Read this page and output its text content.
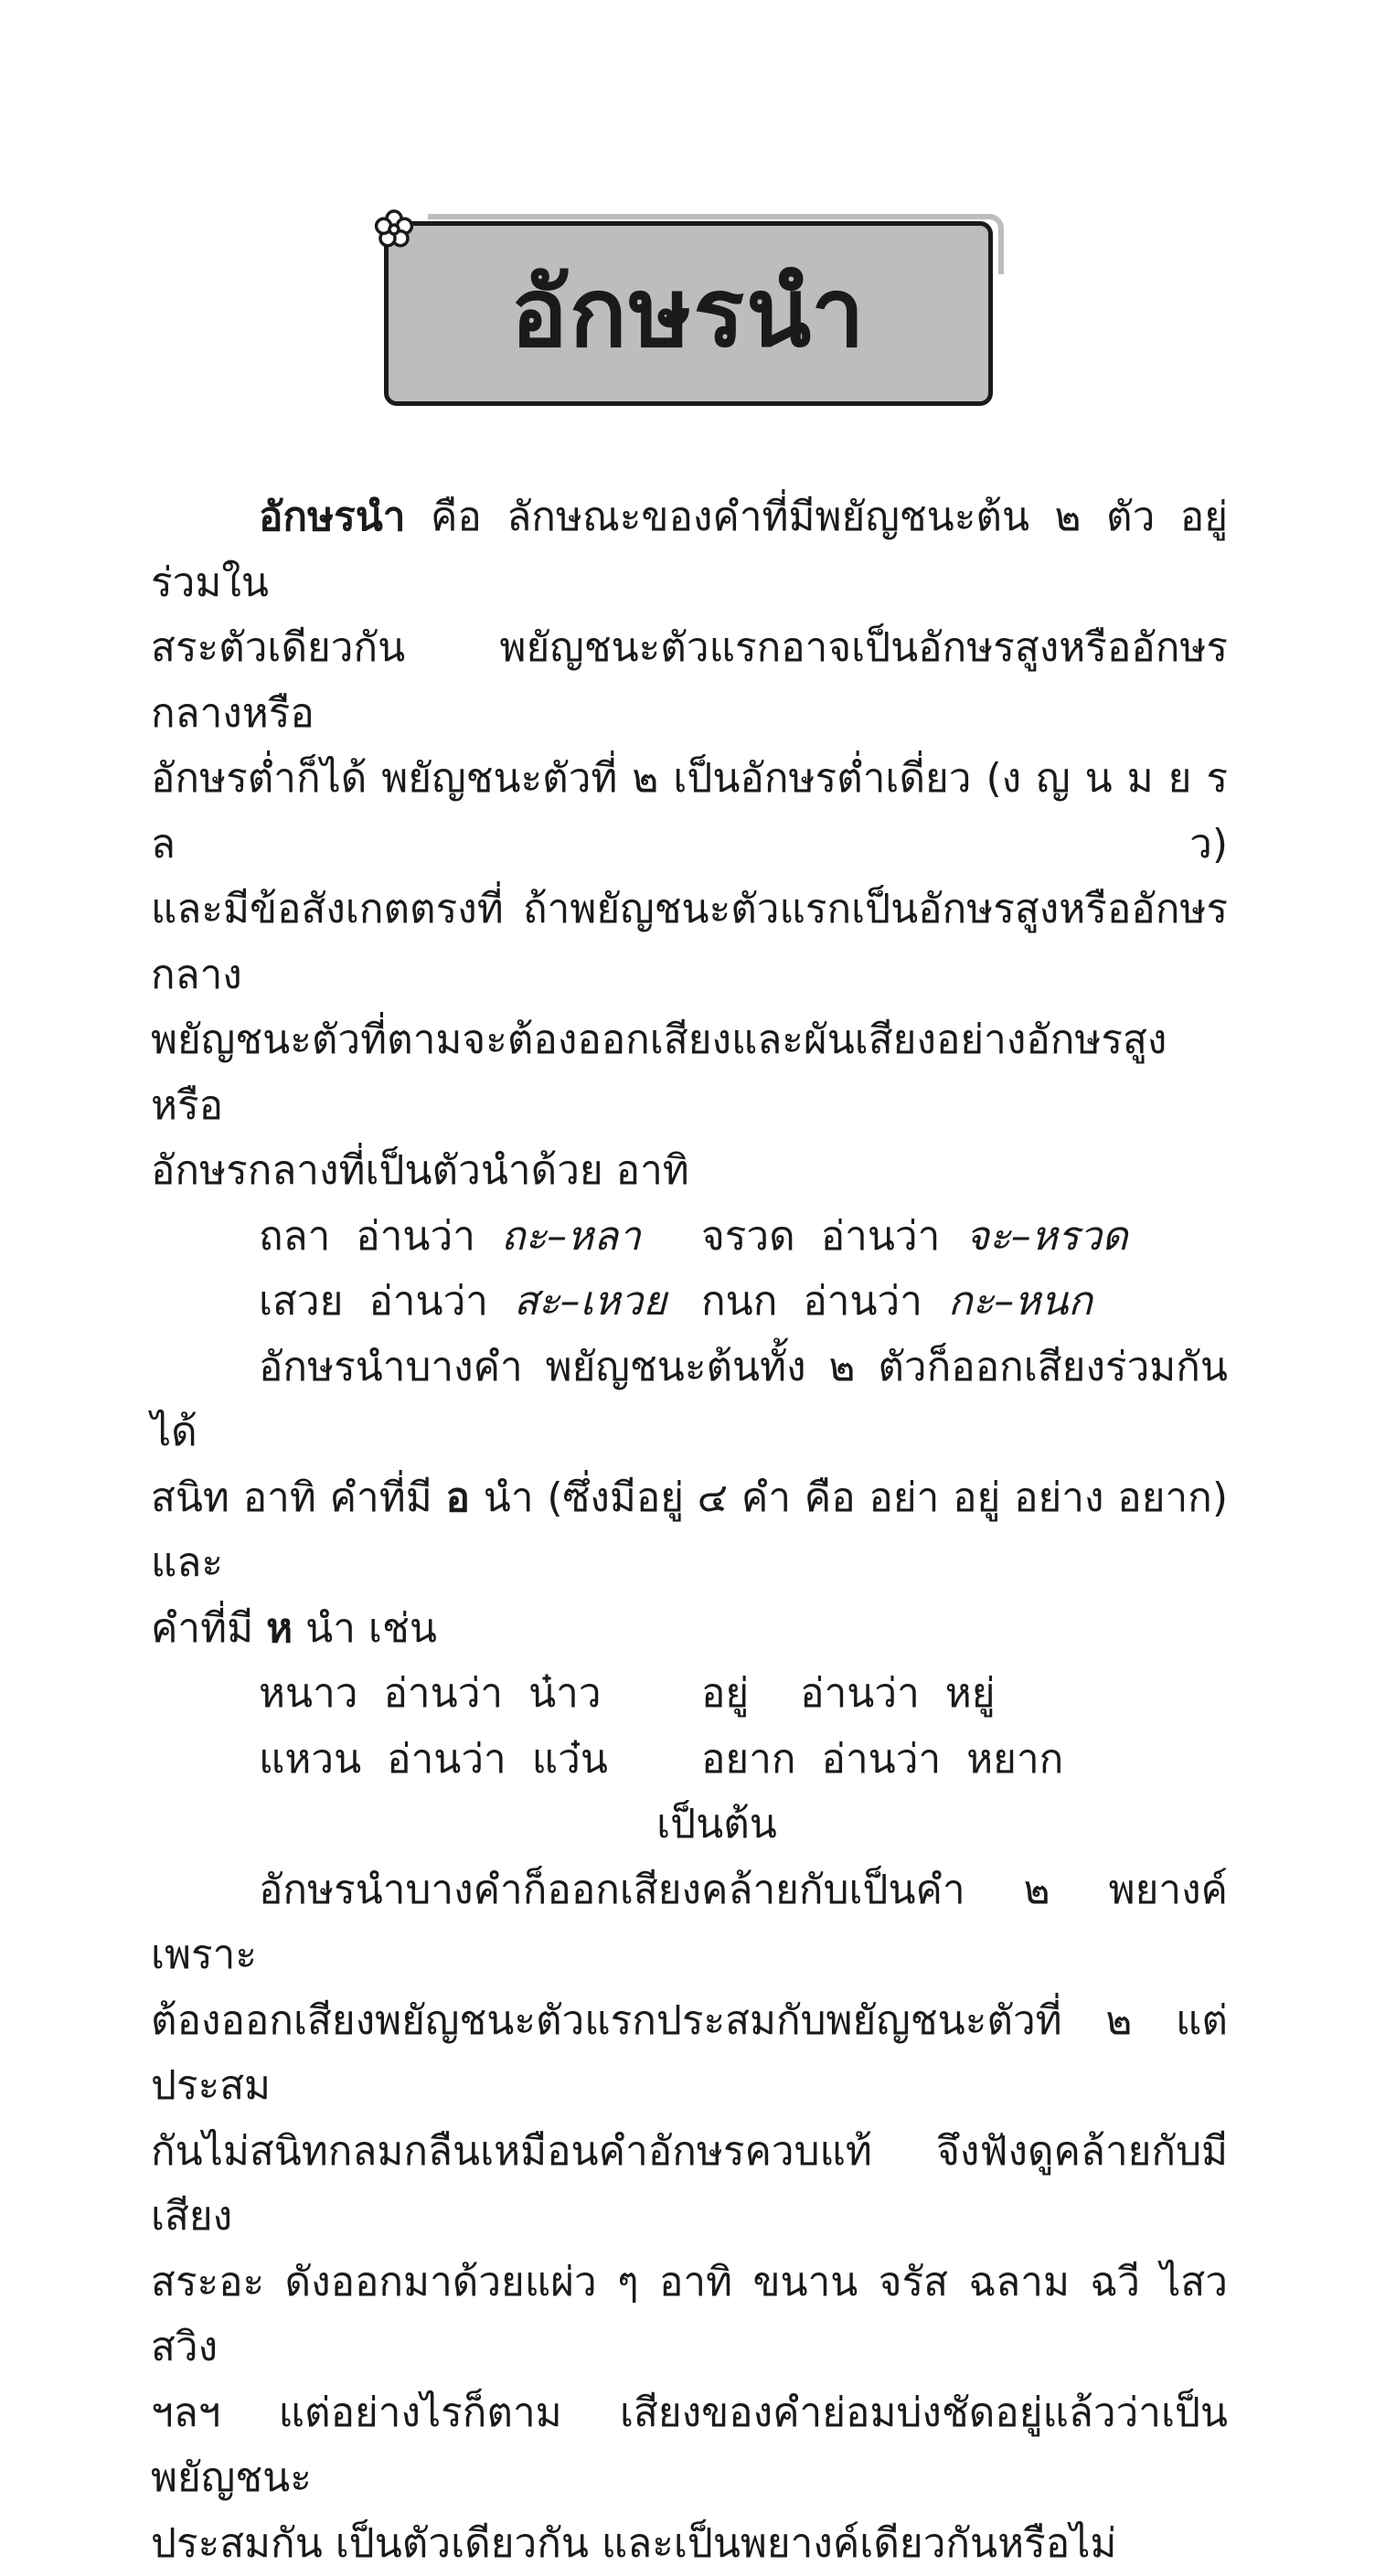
อักษรนำ

อักษรนำ คือ ลักษณะของคำที่มีพยัญชนะต้น ๒ ตัว อยู่ร่วมใน

สระตัวเดียวกัน พยัญชนะตัวแรกอาจเป็นอักษรสูงหรืออักษรกลางหรือ

อักษรต่ำก็ได้ พยัญชนะตัวที่ ๒ เป็นอักษรต่ำเดี่ยว (ง ญ น ม ย ร ล ว)

และมีข้อสังเกตตรงที่ ถ้าพยัญชนะตัวแรกเป็นอักษรสูงหรืออักษรกลาง

พยัญชนะตัวที่ตามจะต้องออกเสียงและผันเสียงอย่างอักษรสูงหรือ

อักษรกลางที่เป็นตัวนำด้วย อาทิ

ถลา อ่านว่า ถะ–หลา	จรวด อ่านว่า จะ–หรวด
เสวย อ่านว่า สะ–เหวย กนก อ่านว่า กะ–หนก

อักษรนำบางคำ พยัญชนะต้นทั้ง ๒ ตัวก็ออกเสียงร่วมกันได้

สนิท อาทิ คำที่มี อ นำ (ซึ่งมีอยู่ ๔ คำ คือ อย่า อยู่ อย่าง อยาก) และ

คำที่มี ห นำ เช่น

หนาว อ่านว่า น๋าว	อยู่ อ่านว่า หยู่
แหวน อ่านว่า แว๋น	อยาก อ่านว่า หยาก
เป็นต้น

อักษรนำบางคำก็ออกเสียงคล้ายกับเป็นคำ ๒ พยางค์ เพราะ

ต้องออกเสียงพยัญชนะตัวแรกประสมกับพยัญชนะตัวที่ ๒ แต่ประสม

กันไม่สนิทกลมกลืนเหมือนคำอักษรควบแท้ จึงฟังดูคล้ายกับมีเสียง

สระอะ ดังออกมาด้วยแผ่ว ๆ อาทิ ขนาน จรัส ฉลาม ฉวี ไสว สวิง

ฯลฯ แต่อย่างไรก็ตาม เสียงของคำย่อมบ่งชัดอยู่แล้วว่าเป็นพยัญชนะ

ประสมกัน เป็นตัวเดียวกัน และเป็นพยางค์เดียวกันหรือไม่
